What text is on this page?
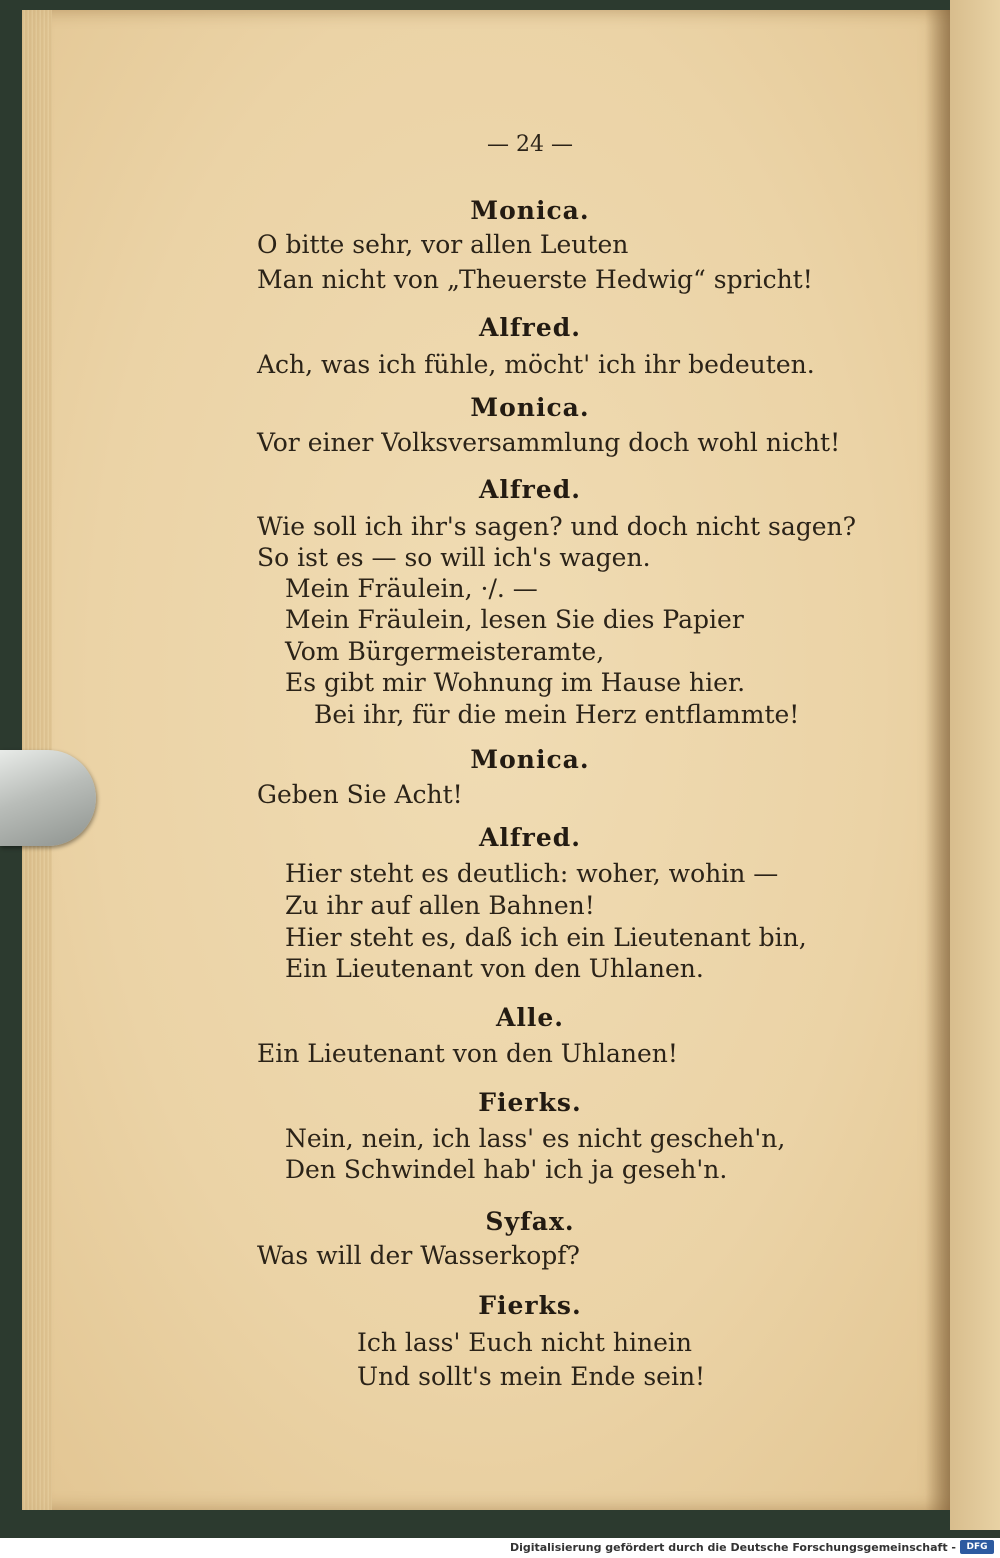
— 24 —
Monica.
O bitte sehr, vor allen Leuten
Man nicht von „Theuerste Hedwig“ spricht!
Alfred.
Ach, was ich fühle, möcht' ich ihr bedeuten.
Monica.
Vor einer Volksversammlung doch wohl nicht!
Alfred.
Wie soll ich ihr's sagen? und doch nicht sagen?
So ist es — so will ich's wagen.
Mein Fräulein, ·/. —
Mein Fräulein, lesen Sie dies Papier
Vom Bürgermeisteramte,
Es gibt mir Wohnung im Hause hier.
Bei ihr, für die mein Herz entflammte!
Monica.
Geben Sie Acht!
Alfred.
Hier steht es deutlich: woher, wohin —
Zu ihr auf allen Bahnen!
Hier steht es, daß ich ein Lieutenant bin,
Ein Lieutenant von den Uhlanen.
Alle.
Ein Lieutenant von den Uhlanen!
Fierks.
Nein, nein, ich lass' es nicht gescheh'n,
Den Schwindel hab' ich ja geseh'n.
Syfax.
Was will der Wasserkopf?
Fierks.
Ich lass' Euch nicht hinein
Und sollt's mein Ende sein!
Digitalisierung gefördert durch die Deutsche Forschungsgemeinschaft -	DFG
